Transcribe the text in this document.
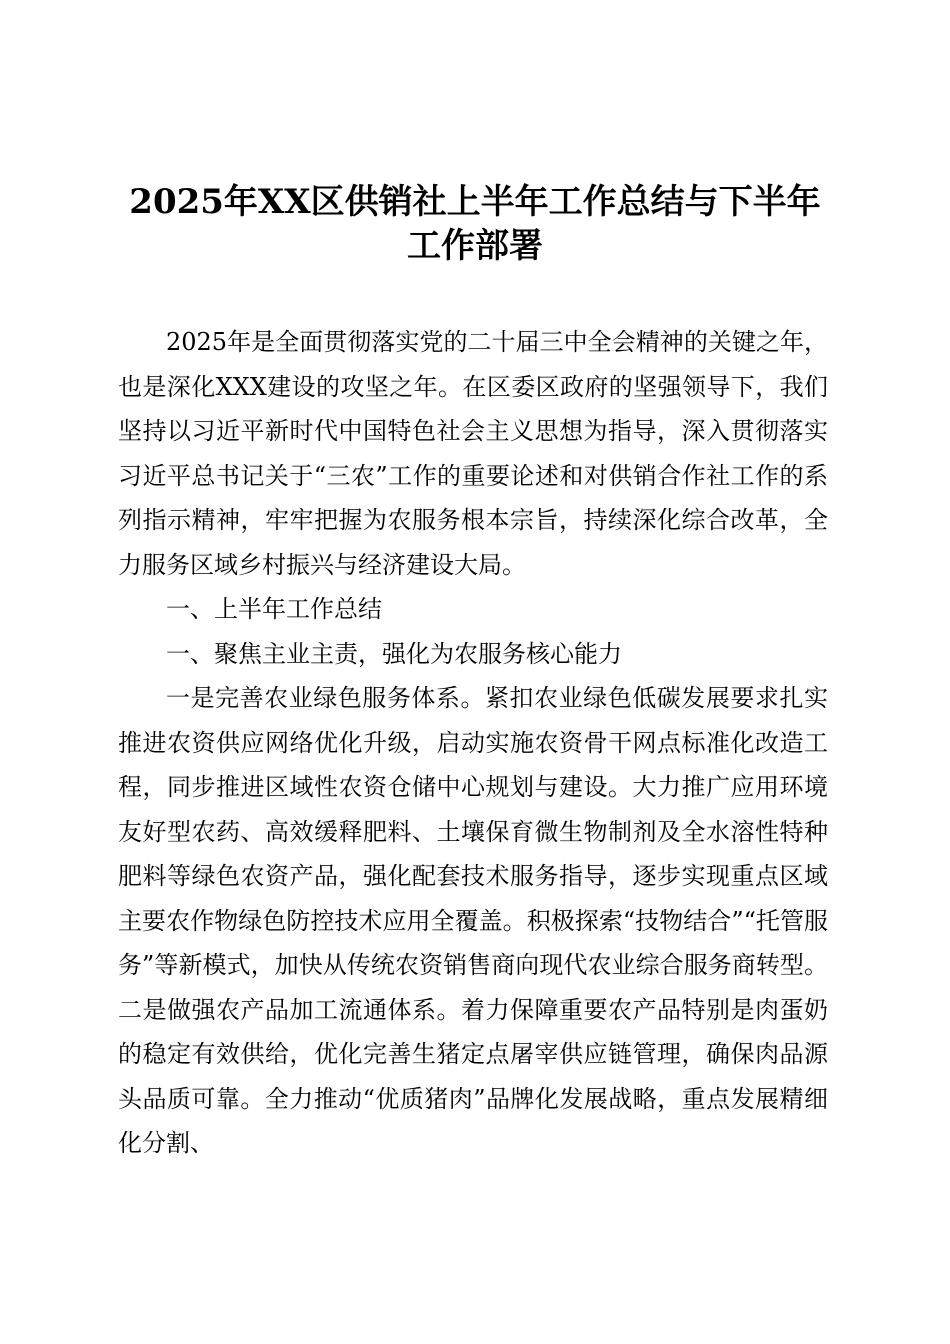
2025年XX区供销社上半年工作总结与下半年
工作部署

2025年是全面贯彻落实党的二十届三中全会精神的关键之年，也是深化XXX建设的攻坚之年。在区委区政府的坚强领导下，我们坚持以习近平新时代中国特色社会主义思想为指导，深入贯彻落实习近平总书记关于“三农”工作的重要论述和对供销合作社工作的系列指示精神，牢牢把握为农服务根本宗旨，持续深化综合改革，全力服务区域乡村振兴与经济建设大局。

一、上半年工作总结

一、聚焦主业主责，强化为农服务核心能力

一是完善农业绿色服务体系。紧扣农业绿色低碳发展要求扎实推进农资供应网络优化升级，启动实施农资骨干网点标准化改造工程，同步推进区域性农资仓储中心规划与建设。大力推广应用环境友好型农药、高效缓释肥料、土壤保育微生物制剂及全水溶性特种肥料等绿色农资产品，强化配套技术服务指导，逐步实现重点区域主要农作物绿色防控技术应用全覆盖。积极探索“技物结合”“托管服务”等新模式，加快从传统农资销售商向现代农业综合服务商转型。二是做强农产品加工流通体系。着力保障重要农产品特别是肉蛋奶的稳定有效供给，优化完善生猪定点屠宰供应链管理，确保肉品源头品质可靠。全力推动“优质猪肉”品牌化发展战略，重点发展精细化分割、
